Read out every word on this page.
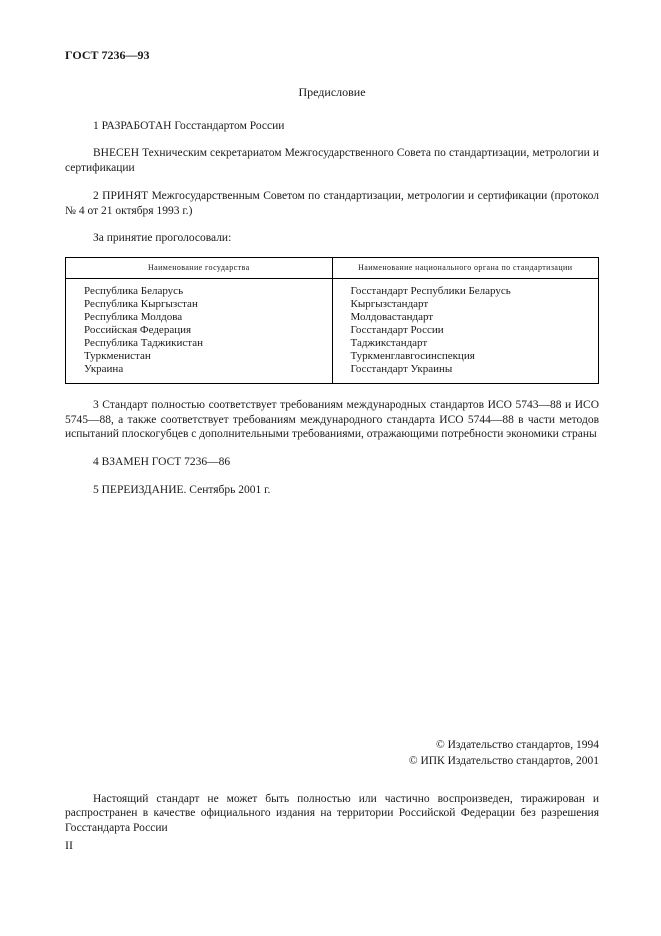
ГОСТ 7236—93
Предисловие

1 РАЗРАБОТАН Госстандартом России

ВНЕСЕН Техническим секретариатом Межгосударственного Совета по стандартизации, метрологии и сертификации

2 ПРИНЯТ Межгосударственным Советом по стандартизации, метрологии и сертификации (протокол № 4 от 21 октября 1993 г.)

За принятие проголосовали:

Наименование государства	Наименование национального органа по стандартизации
Республика Беларусь	Госстандарт Республики Беларусь
Республика Кыргызстан	Кыргызстандарт
Республика Молдова	Молдовастандарт
Российская Федерация	Госстандарт России
Республика Таджикистан	Таджикстандарт
Туркменистан	Туркменглавгосинспекция
Украина	Госстандарт Украины

3 Стандарт полностью соответствует требованиям международных стандартов ИСО 5743—88 и ИСО 5745—88, а также соответствует требованиям международного стандарта ИСО 5744—88 в части методов испытаний плоскогубцев с дополнительными требованиями, отражающими потребности экономики страны

4 ВЗАМЕН ГОСТ 7236—86

5 ПЕРЕИЗДАНИЕ. Сентябрь 2001 г.

© Издательство стандартов, 1994
© ИПК Издательство стандартов, 2001

Настоящий стандарт не может быть полностью или частично воспроизведен, тиражирован и распространен в качестве официального издания на территории Российской Федерации без разрешения Госстандарта России

II
